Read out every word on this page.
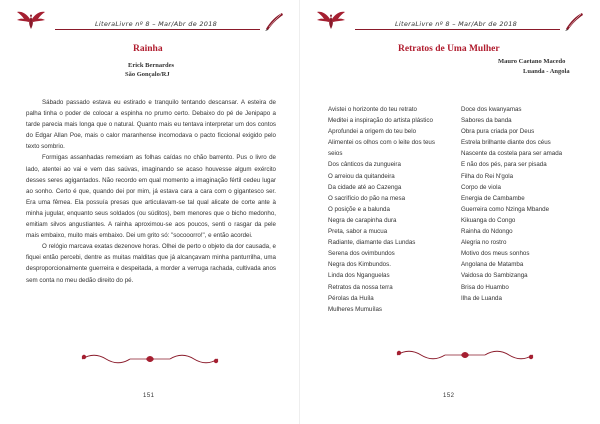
LiteraLivre nº 8 – Mar/Abr de 2018
Rainha
Erick Bernardes
São Gonçalo/RJ

Sábado passado estava eu estirado e tranquilo tentando descansar. A esteira de palha tinha o poder de colocar a espinha no prumo certo. Debaixo do pé de Jenipapo a tarde parecia mais longa que o natural. Quanto mais eu tentava interpretar um dos contos do Edgar Allan Poe, mais o calor maranhense incomodava o pacto ficcional exigido pelo texto sombrio.

Formigas assanhadas remexiam as folhas caídas no chão barrento. Pus o livro de lado, atentei ao vai e vem das saúvas, imaginando se acaso houvesse algum exército desses seres agigantados. Não recordo em qual momento a imaginação fértil cedeu lugar ao sonho. Certo é que, quando dei por mim, já estava cara a cara com o gigantesco ser. Era uma fêmea. Ela possuía presas que articulavam-se tal qual alicate de corte ante à minha jugular, enquanto seus soldados (ou súditos), bem menores que o bicho medonho, emitiam silvos angustiantes. A rainha aproximou-se aos poucos, senti o rasgar da pele mais embaixo, muito mais embaixo. Dei um grito só: "socooorro!", e então acordei.

O relógio marcava exatas dezenove horas. Olhei de perto o objeto da dor causada, e fiquei então percebi, dentre as muitas malditas que já alcançavam minha panturrilha, uma desproporcionalmente guerreira e despeitada, a morder a verruga rachada, cultivada anos sem conta no meu dedão direito do pé.

151
LiteraLivre nº 8 – Mar/Abr de 2018
Retratos de Uma Mulher
Mauro Caetano Macedo
Luanda - Angola
Avistei o horizonte do teu retrato
Meditei a inspiração do artista plástico
Aprofundei a origem do teu belo
Alimentei os olhos com o leite dos teus seios
Dos cânticos da zungueira
O arreiou da quitandeira
Da cidade até ao Cazenga
O sacrifício do pão na mesa
O posiçõe e a balunda
Negra de carapinha dura
Preta, sabor a mucua
Radiante, diamante das Lundas
Serena dos ovimbundos
Negra dos Kimbundos.
Linda dos Nganguelas
Retratos da nossa terra
Pérolas da Huíla
Mulheres Mumuílas
Doce dos kwanyamas
Sabores da banda
Obra pura criada por Deus
Estrela brilhante diante dos céus
Nascente da costela para ser amada
E não dos pés, para ser pisada
Filha do Rei N'gola
Corpo de viola
Energia de Cambambe
Guerreira como Nzinga Mbande
Kikuanga do Congo
Rainha do Ndongo
Alegria no rostro
Motivo dos meus sonhos
Angolana de Matamba
Vaidosa do Sambizanga
Brisa do Huambo
Ilha de Luanda
152
